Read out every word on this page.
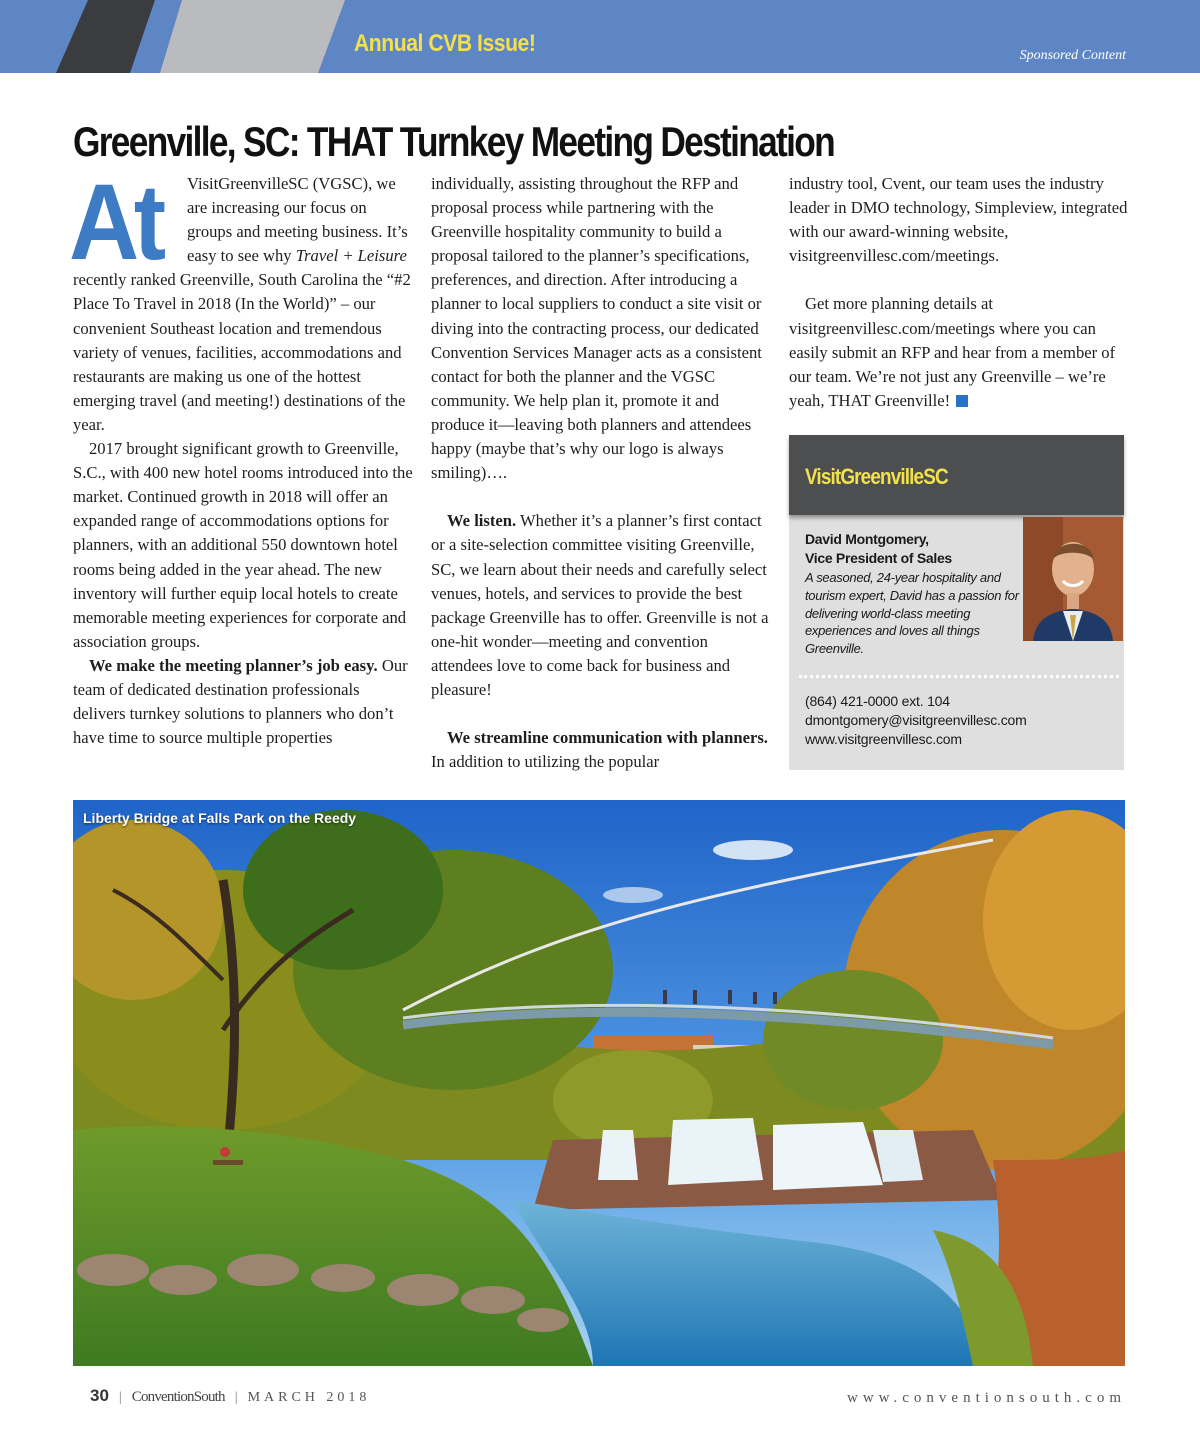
Annual CVB Issue!	Sponsored Content
Greenville, SC: THAT Turnkey Meeting Destination

At VisitGreenvilleSC (VGSC), we are increasing our focus on groups and meeting business. It’s easy to see why Travel + Leisure recently ranked Greenville, South Carolina the “#2 Place To Travel in 2018 (In the World)” – our convenient Southeast location and tremendous variety of venues, facilities, accommodations and restaurants are making us one of the hottest emerging travel (and meeting!) destinations of the year.

2017 brought significant growth to Greenville, S.C., with 400 new hotel rooms introduced into the market. Continued growth in 2018 will offer an expanded range of accommodations options for planners, with an additional 550 downtown hotel rooms being added in the year ahead. The new inventory will further equip local hotels to create memorable meeting experiences for corporate and association groups.

We make the meeting planner’s job easy. Our team of dedicated destination professionals delivers turnkey solutions to planners who don’t have time to source multiple properties

individually, assisting throughout the RFP and proposal process while partnering with the Greenville hospitality community to build a proposal tailored to the planner’s specifications, preferences, and direction. After introducing a planner to local suppliers to conduct a site visit or diving into the contracting process, our dedicated Convention Services Manager acts as a consistent contact for both the planner and the VGSC community. We help plan it, promote it and produce it—leaving both planners and attendees happy (maybe that’s why our logo is always smiling)….

We listen. Whether it’s a planner’s first contact or a site-selection committee visiting Greenville, SC, we learn about their needs and carefully select venues, hotels, and services to provide the best package Greenville has to offer. Greenville is not a one-hit wonder—meeting and convention attendees love to come back for business and pleasure!

We streamline communication with planners. In addition to utilizing the popular

industry tool, Cvent, our team uses the industry leader in DMO technology, Simpleview, integrated with our award-winning website, visitgreenvillesc.com/meetings.

Get more planning details at visitgreenvillesc.com/meetings where you can easily submit an RFP and hear from a member of our team. We’re not just any Greenville – we’re yeah, THAT Greenville!

VisitGreenvilleSC
David Montgomery,
Vice President of Sales
A seasoned, 24-year hospitality and tourism expert, David has a passion for delivering world-class meeting experiences and loves all things Greenville.
(864) 421-0000 ext. 104
dmontgomery@visitgreenvillesc.com
www.visitgreenvillesc.com
Liberty Bridge at Falls Park on the Reedy
30 | ConventionSouth | MARCH 2018	www.conventionsouth.com
